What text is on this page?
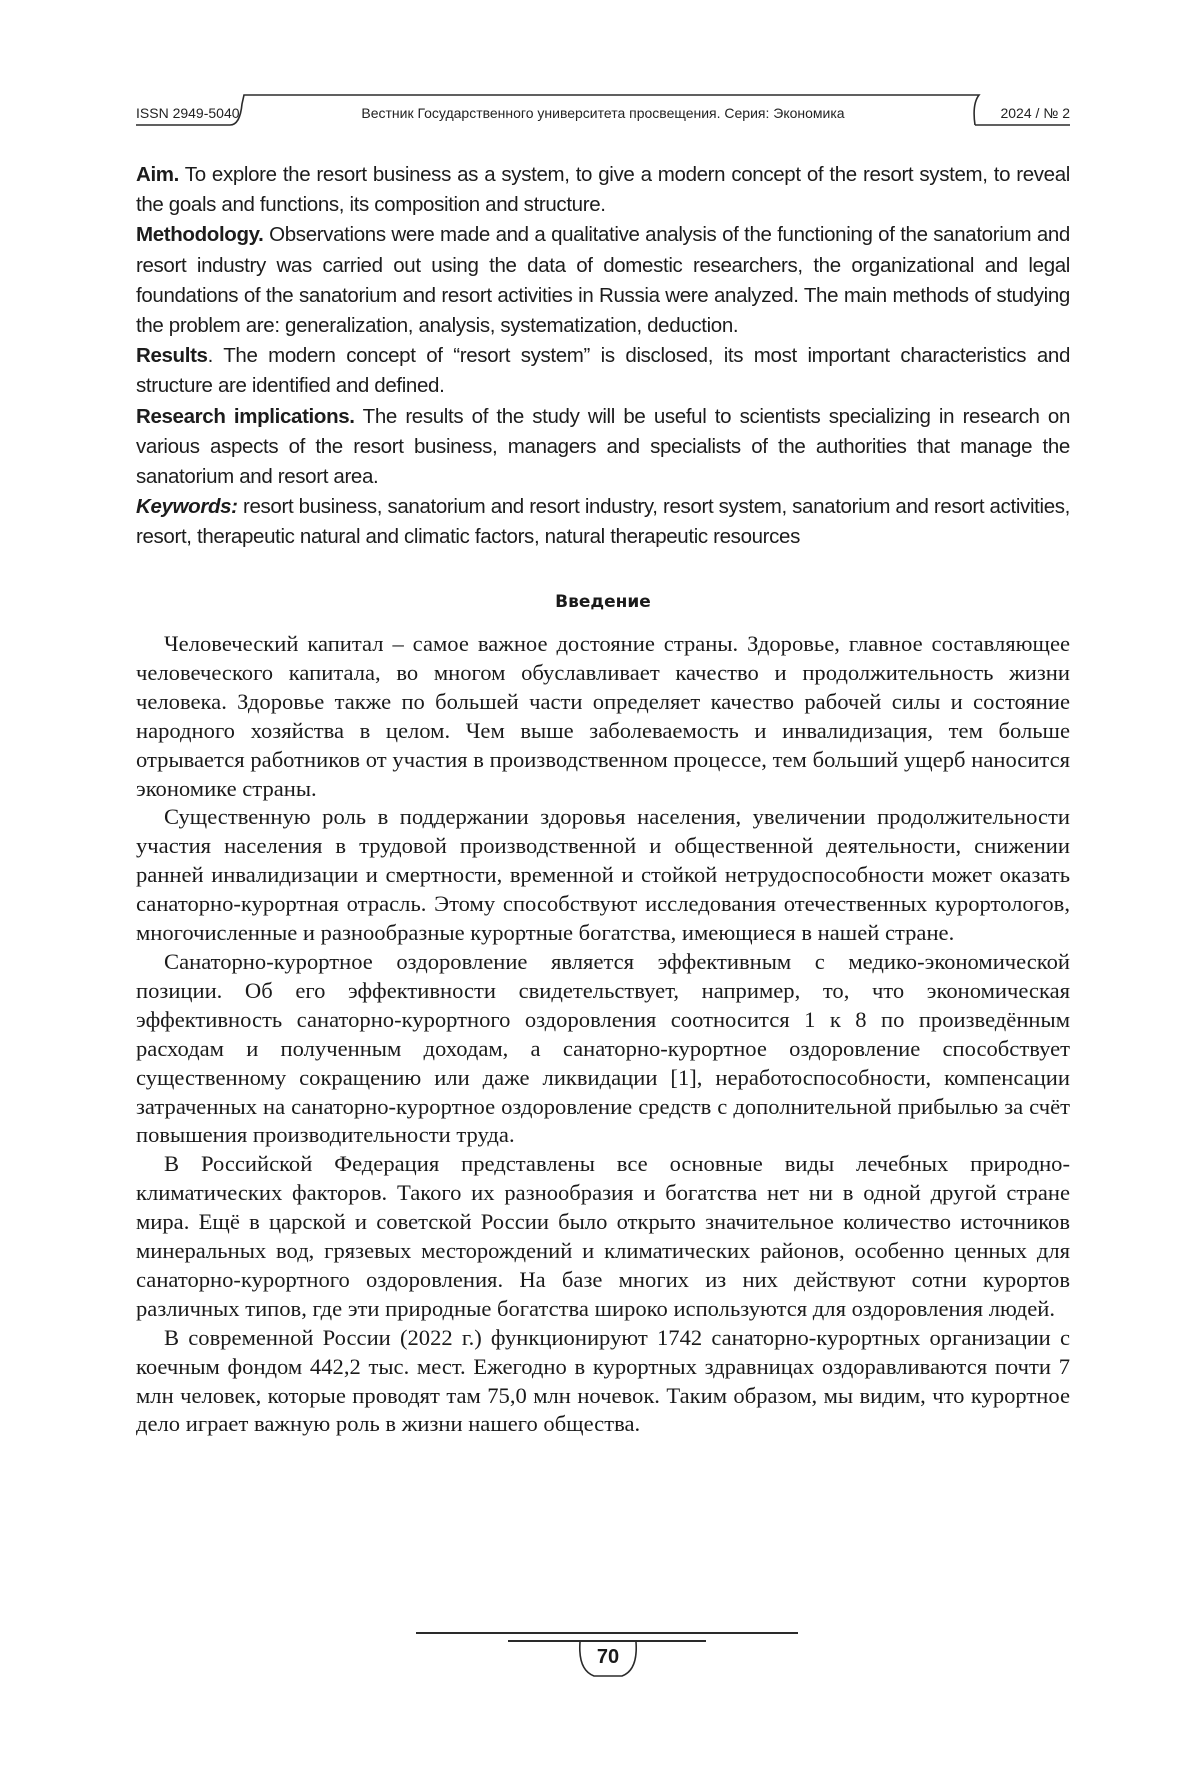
ISSN 2949-5040	Вестник Государственного университета просвещения. Серия: Экономика	2024 / № 2

Aim. To explore the resort business as a system, to give a modern concept of the resort system, to reveal the goals and functions, its composition and structure.

Methodology. Observations were made and a qualitative analysis of the functioning of the sanatorium and resort industry was carried out using the data of domestic researchers, the organizational and legal foundations of the sanatorium and resort activities in Russia were analyzed. The main methods of studying the problem are: generalization, analysis, systematization, deduction.

Results. The modern concept of “resort system” is disclosed, its most important characteristics and structure are identified and defined.

Research implications. The results of the study will be useful to scientists specializing in research on various aspects of the resort business, managers and specialists of the authorities that manage the sanatorium and resort area.

Keywords: resort business, sanatorium and resort industry, resort system, sanatorium and resort activities, resort, therapeutic natural and climatic factors, natural therapeutic resources

Введение

Человеческий капитал – самое важное достояние страны. Здоровье, главное составляющее человеческого капитала, во многом обуславливает качество и продолжительность жизни человека. Здоровье также по большей части определяет качество рабочей силы и состояние народного хозяйства в целом. Чем выше заболеваемость и инвалидизация, тем больше отрывается работников от участия в производственном процессе, тем больший ущерб наносится экономике страны.

Существенную роль в поддержании здоровья населения, увеличении продолжительности участия населения в трудовой производственной и общественной деятельности, снижении ранней инвалидизации и смертности, временной и стойкой нетрудоспособности может оказать санаторно-курортная отрасль. Этому способствуют исследования отечественных курортологов, многочисленные и разнообразные курортные богатства, имеющиеся в нашей стране.

Санаторно-курортное оздоровление является эффективным с медико-экономической позиции. Об его эффективности свидетельствует, например, то, что экономическая эффективность санаторно-курортного оздоровления соотносится 1 к 8 по произведённым расходам и полученным доходам, а санаторно-курортное оздоровление способствует существенному сокращению или даже ликвидации [1], неработоспособности, компенсации затраченных на санаторно-курортное оздоровление средств с дополнительной прибылью за счёт повышения производительности труда.

В Российской Федерация представлены все основные виды лечебных природно-климатических факторов. Такого их разнообразия и богатства нет ни в одной другой стране мира. Ещё в царской и советской России было открыто значительное количество источников минеральных вод, грязевых месторождений и климатических районов, особенно ценных для санаторно-курортного оздоровления. На базе многих из них действуют сотни курортов различных типов, где эти природные богатства широко используются для оздоровления людей.

В современной России (2022 г.) функционируют 1742 санаторно-курортных организации с коечным фондом 442,2 тыс. мест. Ежегодно в курортных здравницах оздоравливаются почти 7 млн человек, которые проводят там 75,0 млн ночевок. Таким образом, мы видим, что курортное дело играет важную роль в жизни нашего общества.

70
